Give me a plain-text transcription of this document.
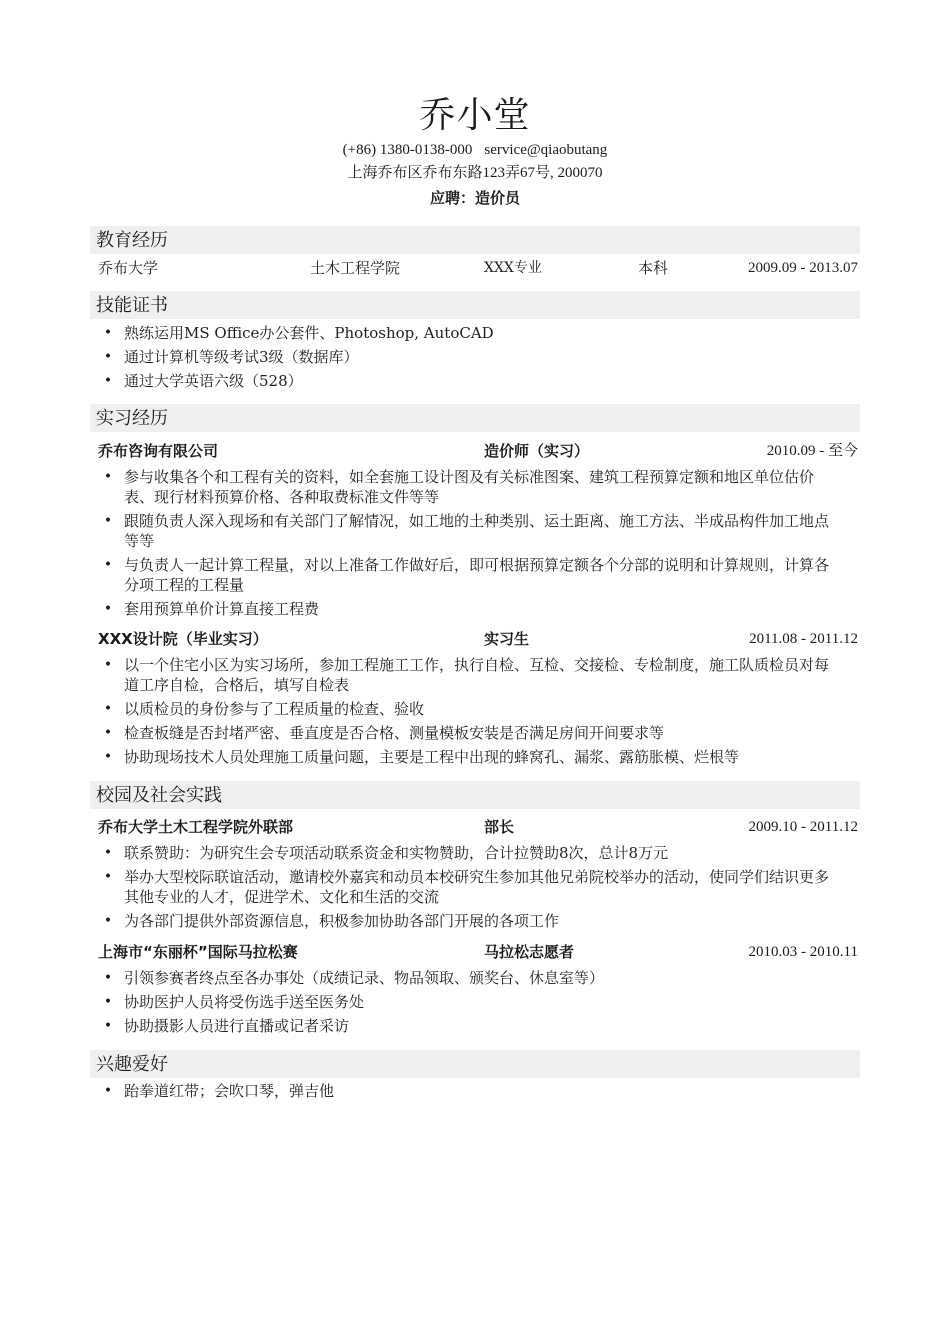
乔小堂
(+86) 1380-0138-000 service@qiaobutang
上海乔布区乔布东路123弄67号, 200070
应聘：造价员
教育经历
乔布大学	土木工程学院	XXX专业	本科	2009.09 - 2013.07
技能证书
• 熟练运用MS Office办公套件、Photoshop, AutoCAD
• 通过计算机等级考试3级（数据库）
• 通过大学英语六级（528）
实习经历
乔布咨询有限公司	造价师（实习）	2010.09 - 至今
• 参与收集各个和工程有关的资料，如全套施工设计图及有关标准图案、建筑工程预算定额和地区单位估价表、现行材料预算价格、各种取费标准文件等等
• 跟随负责人深入现场和有关部门了解情况，如工地的土种类别、运土距离、施工方法、半成品构件加工地点等等
• 与负责人一起计算工程量，对以上准备工作做好后，即可根据预算定额各个分部的说明和计算规则，计算各分项工程的工程量
• 套用预算单价计算直接工程费
XXX设计院（毕业实习）	实习生	2011.08 - 2011.12
• 以一个住宅小区为实习场所，参加工程施工工作，执行自检、互检、交接检、专检制度，施工队质检员对每道工序自检，合格后，填写自检表
• 以质检员的身份参与了工程质量的检查、验收
• 检查板缝是否封堵严密、垂直度是否合格、测量模板安装是否满足房间开间要求等
• 协助现场技术人员处理施工质量问题，主要是工程中出现的蜂窝孔、漏浆、露筋胀模、烂根等
校园及社会实践
乔布大学土木工程学院外联部	部长	2009.10 - 2011.12
• 联系赞助：为研究生会专项活动联系资金和实物赞助，合计拉赞助8次，总计8万元
• 举办大型校际联谊活动，邀请校外嘉宾和动员本校研究生参加其他兄弟院校举办的活动，使同学们结识更多其他专业的人才，促进学术、文化和生活的交流
• 为各部门提供外部资源信息，积极参加协助各部门开展的各项工作
上海市“东丽杯”国际马拉松赛	马拉松志愿者	2010.03 - 2010.11
• 引领参赛者终点至各办事处（成绩记录、物品领取、颁奖台、休息室等）
• 协助医护人员将受伤选手送至医务处
• 协助摄影人员进行直播或记者采访
兴趣爱好
• 跆拳道红带；会吹口琴，弹吉他
